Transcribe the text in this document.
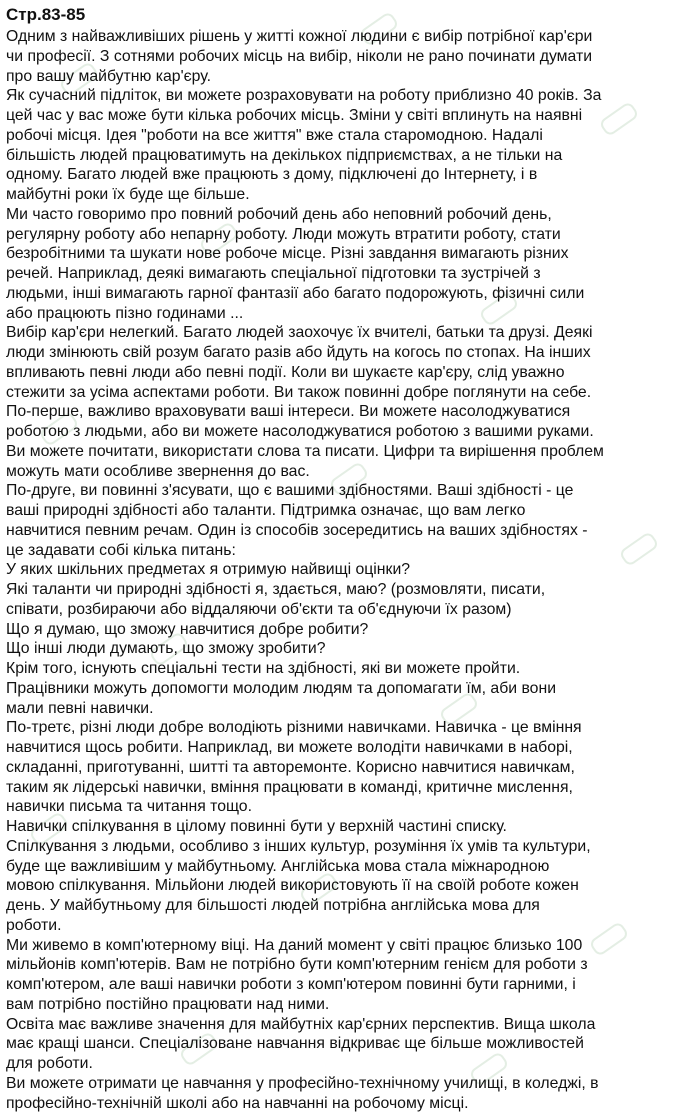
Стр.83-85
Одним з найважливіших рішень у житті кожної людини є вибір потрібної кар'єри
чи професії. З сотнями робочих місць на вибір, ніколи не рано починати думати
про вашу майбутню кар'єру.
Як сучасний підліток, ви можете розраховувати на роботу приблизно 40 років. За
цей час у вас може бути кілька робочих місць. Зміни у світі вплинуть на наявні
робочі місця. Ідея "роботи на все життя" вже стала старомодною. Надалі
більшість людей працюватимуть на декількох підприємствах, а не тільки на
одному. Багато людей вже працюють з дому, підключені до Інтернету, і в
майбутні роки їх буде ще більше.
Ми часто говоримо про повний робочий день або неповний робочий день,
регулярну роботу або непарну роботу. Люди можуть втратити роботу, стати
безробітними та шукати нове робоче місце. Різні завдання вимагають різних
речей. Наприклад, деякі вимагають спеціальної підготовки та зустрічей з
людьми, інші вимагають гарної фантазії або багато подорожують, фізичні сили
або працюють пізно годинами ...
Вибір кар'єри нелегкий. Багато людей заохочує їх вчителі, батьки та друзі. Деякі
люди змінюють свій розум багато разів або йдуть на когось по стопах. На інших
впливають певні люди або певні події. Коли ви шукаєте кар'єру, слід уважно
стежити за усіма аспектами роботи. Ви також повинні добре поглянути на себе.
По-перше, важливо враховувати ваші інтереси. Ви можете насолоджуватися
роботою з людьми, або ви можете насолоджуватися роботою з вашими руками.
Ви можете почитати, використати слова та писати. Цифри та вирішення проблем
можуть мати особливе звернення до вас.
По-друге, ви повинні з'ясувати, що є вашими здібностями. Ваші здібності - це
ваші природні здібності або таланти. Підтримка означає, що вам легко
навчитися певним речам. Один із способів зосередитись на ваших здібностях -
це задавати собі кілька питань:
У яких шкільних предметах я отримую найвищі оцінки?
Які таланти чи природні здібності я, здається, маю? (розмовляти, писати,
співати, розбираючи або віддаляючи об'єкти та об'єднуючи їх разом)
Що я думаю, що зможу навчитися добре робити?
Що інші люди думають, що зможу зробити?
Крім того, існують спеціальні тести на здібності, які ви можете пройти.
Працівники можуть допомогти молодим людям та допомагати їм, аби вони
мали певні навички.
По-третє, різні люди добре володіють різними навичками. Навичка - це вміння
навчитися щось робити. Наприклад, ви можете володіти навичками в наборі,
складанні, приготуванні, шитті та авторемонте. Корисно навчитися навичкам,
таким як лідерські навички, вміння працювати в команді, критичне мислення,
навички письма та читання тощо.
Навички спілкування в цілому повинні бути у верхній частині списку.
Спілкування з людьми, особливо з інших культур, розуміння їх умів та культури,
буде ще важливішим у майбутньому. Англійська мова стала міжнародною
мовою спілкування. Мільйони людей використовують її на своїй роботе кожен
день. У майбутньому для більшості людей потрібна англійська мова для
роботи.
Ми живемо в комп'ютерному віці. На даний момент у світі працює близько 100
мільйонів комп'ютерів. Вам не потрібно бути комп'ютерним генієм для роботи з
комп'ютером, але ваші навички роботи з комп'ютером повинні бути гарними, і
вам потрібно постійно працювати над ними.
Освіта має важливе значення для майбутніх кар'єрних перспектив. Вища школа
має кращі шанси. Спеціалізоване навчання відкриває ще більше можливостей
для роботи.
Ви можете отримати це навчання у професійно-технічному училищі, в коледжі, в
професійно-технічній школі або на навчанні на робочому місці.
